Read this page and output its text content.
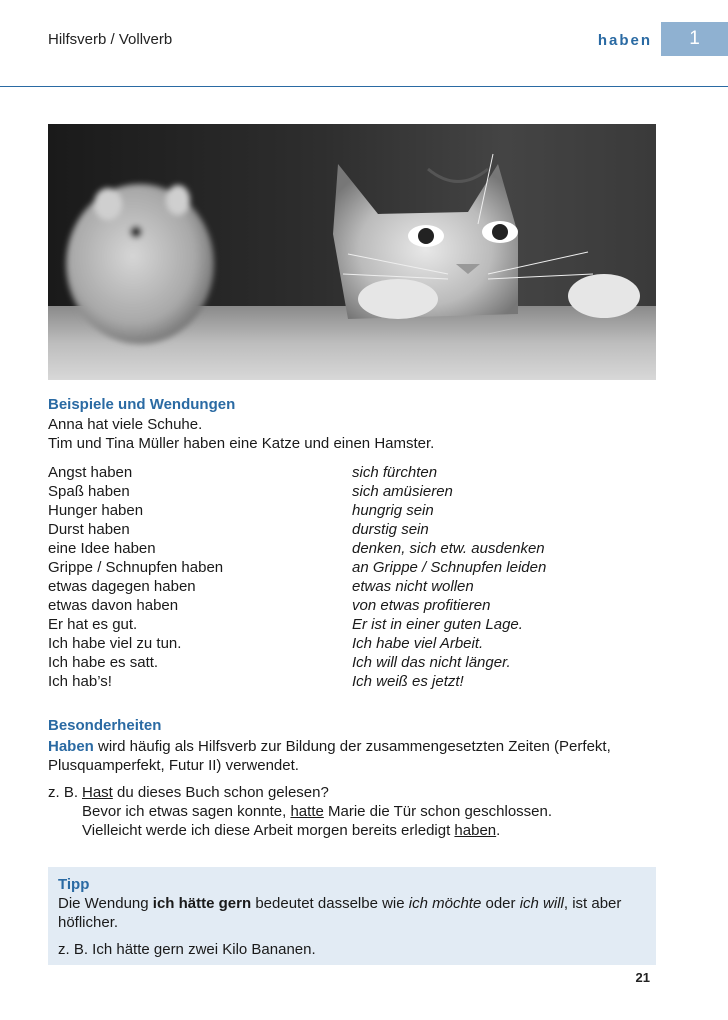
Hilfsverb / Vollverb	haben	1
Beispiele und Wendungen
Anna hat viele Schuhe.
Tim und Tina Müller haben eine Katze und einen Hamster.
Angst haben	sich fürchten
Spaß haben	sich amüsieren
Hunger haben	hungrig sein
Durst haben	durstig sein
eine Idee haben	denken, sich etw. ausdenken
Grippe / Schnupfen haben	an Grippe / Schnupfen leiden
etwas dagegen haben	etwas nicht wollen
etwas davon haben	von etwas profitieren
Er hat es gut.	Er ist in einer guten Lage.
Ich habe viel zu tun.	Ich habe viel Arbeit.
Ich habe es satt.	Ich will das nicht länger.
Ich hab’s!	Ich weiß es jetzt!
Besonderheiten
Haben wird häufig als Hilfsverb zur Bildung der zusammengesetzten Zeiten (Perfekt,
Plusquamperfekt, Futur II) verwendet.
z. B. Hast du dieses Buch schon gelesen?
Bevor ich etwas sagen konnte, hatte Marie die Tür schon geschlossen.
Vielleicht werde ich diese Arbeit morgen bereits erledigt haben.
Tipp
Die Wendung ich hätte gern bedeutet dasselbe wie ich möchte oder ich will, ist aber höflicher.
z. B. Ich hätte gern zwei Kilo Bananen.
21
